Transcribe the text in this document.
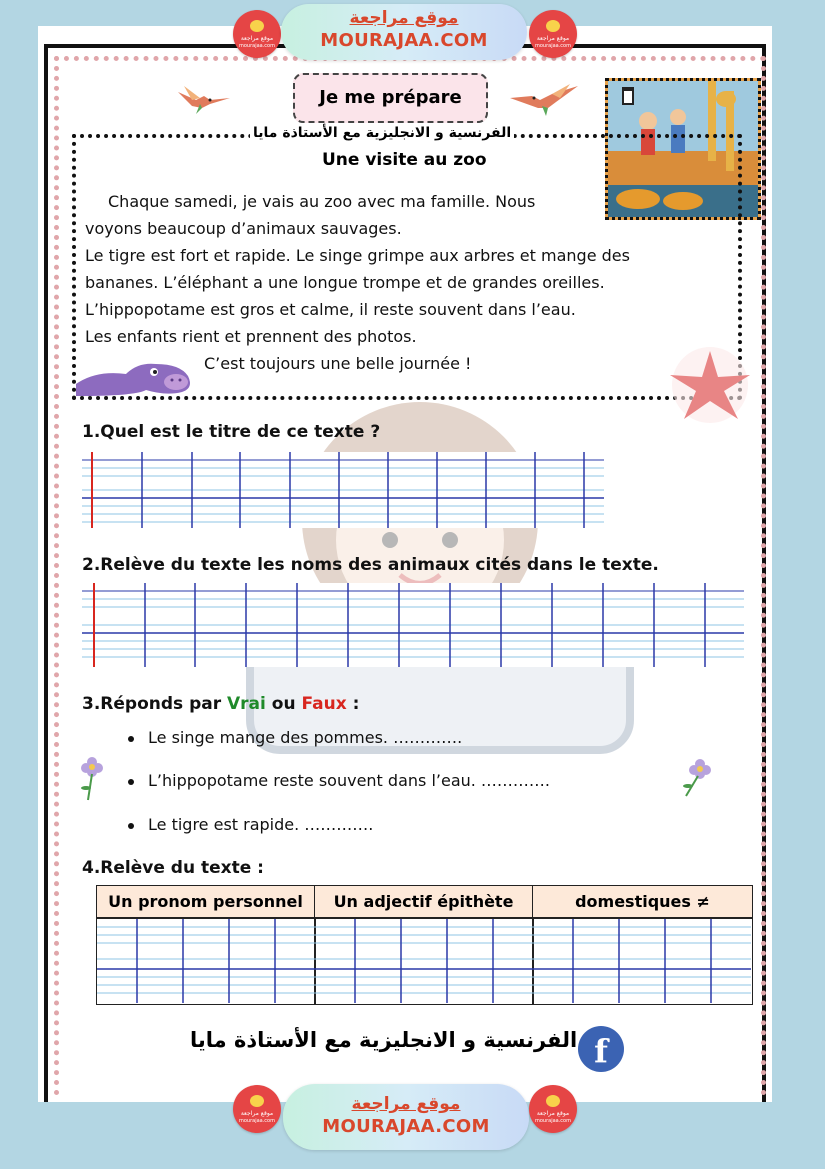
موقع مراجعة
mourajaa.com
موقع مراجعة
MOURAJAA.COM	موقع مراجعة
mourajaa.com
Je me prépare
الفرنسية و الانجليزية مع الأستاذة مايا
Une visite au zoo
Chaque samedi, je vais au zoo avec ma famille. Nous
voyons beaucoup d’animaux sauvages.
Le tigre est fort et rapide. Le singe grimpe aux arbres et mange des
bananes. L’éléphant a une longue trompe et de grandes oreilles.
L’hippopotame est gros et calme, il reste souvent dans l’eau.
Les enfants rient et prennent des photos.
C’est toujours une belle journée !
1.Quel est le titre de ce texte ?
2.Relève du texte les noms des animaux cités dans le texte.
3.Réponds par Vrai ou Faux :
Le singe mange des pommes. ………….
L’hippopotame reste souvent dans l’eau. ………….
Le tigre est rapide. ………….
4.Relève du texte :
Un pronom personnel	Un adjectif épithète	domestiques ≠
الفرنسية و الانجليزية مع الأستاذة مايا f
موقع مراجعة
mourajaa.com
موقع مراجعة
MOURAJAA.COM
موقع مراجعة
mourajaa.com
